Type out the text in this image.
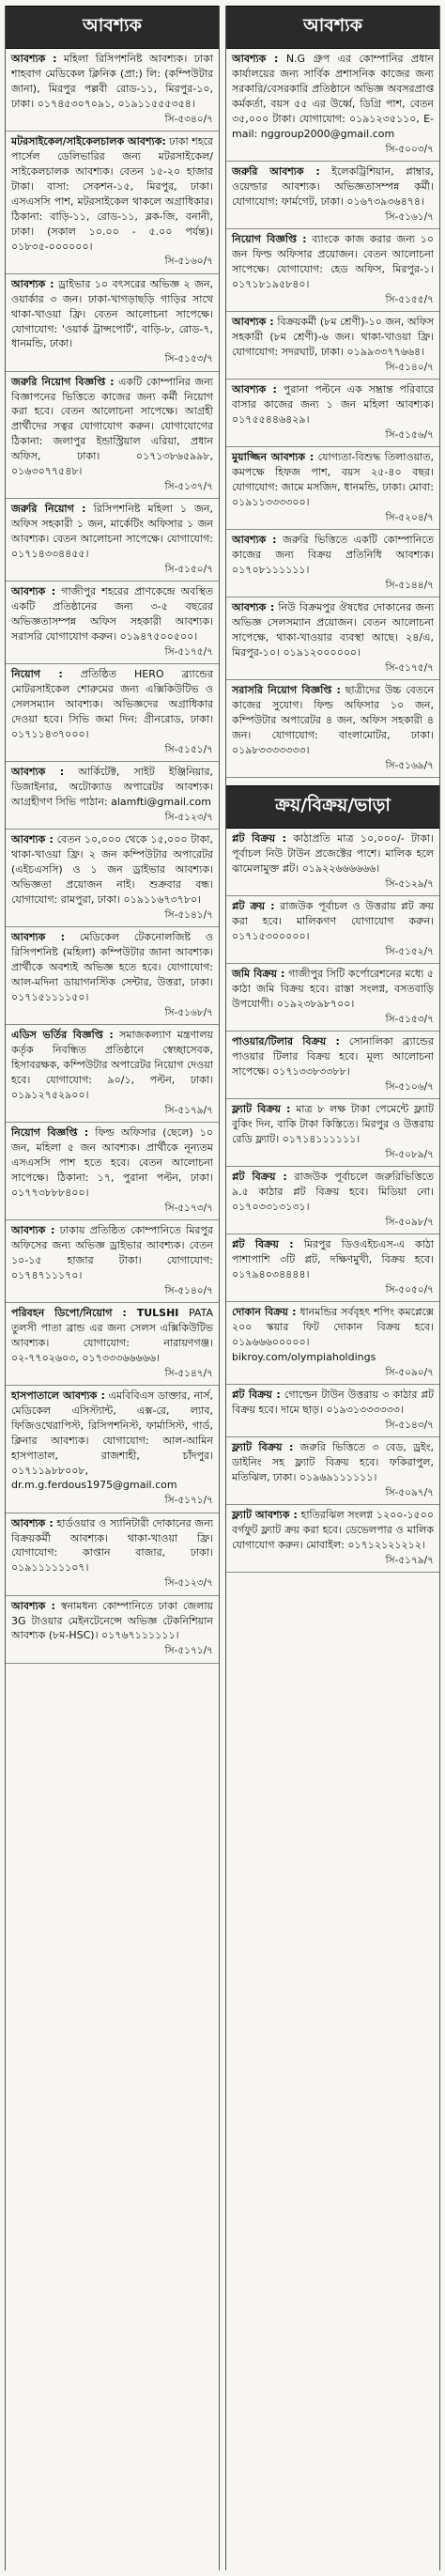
আবশ্যক
আবশ্যক : মহিলা রিসিপশনিষ্ট আবশ্যক। ঢাকা শাহবাগ মেডিকেল ক্লিনিক (প্রা:) লি: (কম্পিউটার জানা), মিরপুর পল্লবী রোড-১১, মিরপুর-১০, ঢাকা। ০১৭৪৫৩০৭০৯১, ০১৯১১৫৫৫৩৫৪।
সি-৫৩৪০/৭
মটরসাইকেল/সাইকেলচালক আবশ্যক: ঢাকা শহরে পার্সেল ডেলিভারির জন্য মটরসাইকেল/সাইকেলচালক আবশ্যক। বেতন ১৫-২০ হাজার টাকা। বাসা: সেকশন-১৫, মিরপুর, ঢাকা। এসএসসি পাশ, মটরসাইকেল থাকলে অগ্রাধিকার। ঠিকানা: বাড়ি-১১, রোড-১১, ব্লক-জি, বনানী, ঢাকা। (সকাল ১০.০০ - ৫.০০ পর্যন্ত)। ০১৮৩৫-০০০০০০।
সি-৫১৬০/৭
আবশ্যক : ড্রাইভার ১০ বৎসরের অভিজ্ঞ ২ জন, ওয়ার্কার ৩ জন। ঢাকা-খাগড়াছড়ি গাড়ির সাথে থাকা-খাওয়া ফ্রি। বেতন আলোচনা সাপেক্ষে। যোগাযোগ: 'ওয়ার্ক ট্রান্সপোর্ট', বাড়ি-৮, রোড-৭, ধানমন্ডি, ঢাকা।
সি-৫১৫৩/৭
জরুরি নিয়োগ বিজ্ঞপ্তি : একটি কোম্পানির জন্য বিজ্ঞাপনের ভিত্তিতে কাজের জন্য কর্মী নিয়োগ করা হবে। বেতন আলোচনা সাপেক্ষে। আগ্রহী প্রার্থীদের সত্বর যোগাযোগ করুন। যোগাযোগের ঠিকানা: জলাপুর ইন্ডাস্ট্রিয়াল এরিয়া, প্রধান অফিস, ঢাকা। ০১৭১৩৮৬৫৯৯৮, ০১৬৩০৭৭৫৪৮।
সি-৫১৩৭/৭
জরুরি নিয়োগ : রিসিপশনিষ্ট মহিলা ১ জন, অফিস সহকারী ১ জন, মার্কেটিং অফিসার ১ জন আবশ্যক। বেতন আলোচনা সাপেক্ষে। যোগাযোগ: ০১৭১৪৩৩৪৪৫৫।
সি-৫১৫০/৭
আবশ্যক : গাজীপুর শহরের প্রাণকেন্দ্রে অবস্থিত একটি প্রতিষ্ঠানের জন্য ৩-৫ বছরের অভিজ্ঞতাসম্পন্ন অফিস সহকারী আবশ্যক। সরাসরি যোগাযোগ করুন। ০১৯৪৭৫০০৫০০।
সি-৫১৭৫/৭
নিয়োগ : প্রতিষ্ঠিত HERO ব্র্যান্ডের মোটরসাইকেল শোরুমের জন্য এক্সিকিউটিভ ও সেলসম্যান আবশ্যক। অভিজ্ঞদের অগ্রাধিকার দেওয়া হবে। সিভি জমা দিন: গ্রীনরোড, ঢাকা। ০১৭১১৪৩৭০০০।
সি-৫১৫১/৭
আবশ্যক : আর্কিটেক্ট, সাইট ইঞ্জিনিয়ার, ডিজাইনার, অটোক্যাড অপারেটর আবশ্যক। আগ্রহীগণ সিভি পাঠান: alamfti@gmail.com
সি-৫১২৩/৭
আবশ্যক : বেতন ১০,০০০ থেকে ১৫,০০০ টাকা, থাকা-খাওয়া ফ্রি। ২ জন কম্পিউটার অপারেটর (এইচএসসি) ও ১ জন ড্রাইভার আবশ্যক। অভিজ্ঞতা প্রয়োজন নাই। শুক্রবার বন্ধ। যোগাযোগ: রামপুরা, ঢাকা। ০১৯১১৬৭৩৭৮০।
সি-৫১৪১/৭
আবশ্যক : মেডিকেল টেকনোলজিষ্ট ও রিসিপশনিষ্ট (মহিলা) কম্পিউটার জানা আবশ্যক। প্রার্থীকে অবশ্যই অভিজ্ঞ হতে হবে। যোগাযোগ: আল-মদিনা ডায়াগনস্টিক সেন্টার, উত্তরা, ঢাকা। ০১৭১৫১১১১৫০।
সি-৫১৬৮/৭
এডিস ভর্তির বিজ্ঞপ্তি : সমাজকল্যাণ মন্ত্রণালয় কর্তৃক নিবন্ধিত প্রতিষ্ঠানে স্বেচ্ছাসেবক, হিসাবরক্ষক, কম্পিউটার অপারেটর নিয়োগ দেওয়া হবে। যোগাযোগ: ৯০/১, পল্টন, ঢাকা। ০১৯১২৭৫২৯০০।
সি-৫১৭৯/৭
নিয়োগ বিজ্ঞপ্তি : ফিল্ড অফিসার (ছেলে) ১০ জন, মহিলা ৫ জন আবশ্যক। প্রার্থীকে নূন্যতম এসএসসি পাশ হতে হবে। বেতন আলোচনা সাপেক্ষে। ঠিকানা: ১৭, পুরানা পল্টন, ঢাকা। ০১৭৭৩৮৮৮৪০০।
সি-৫১৭৩/৭
আবশ্যক : ঢাকায় প্রতিষ্ঠিত কোম্পানিতে মিরপুর অফিসের জন্য অভিজ্ঞ ড্রাইভার আবশ্যক। বেতন ১০-১৫ হাজার টাকা। যোগাযোগ: ০১৭৪৭১১১৭০।
সি-৫১৪০/৭
পরিবহন ডিপো/নিয়োগ : TULSHI PATA তুলসী পাতা ব্রান্ড এর জন্য সেলস এক্সিকিউটিভ আবশ্যক। যোগাযোগ: নারায়ণগঞ্জ। ০২-৭৭০২৬০৩, ০১৭৩৩৩৬৬৬৬৬।
সি-৫১৪৭/৭
হাসপাতালে আবশ্যক : এমবিবিএস ডাক্তার, নার্স, মেডিকেল এসিস্ট্যান্ট, এক্স-রে, ল্যাব, ফিজিওথেরাপিস্ট, রিসিপশনিস্ট, ফার্মাসিস্ট, গার্ড, ক্লিনার আবশ্যক। যোগাযোগ: আল-আমিন হাসপাতাল, রাজশাহী, চাঁদপুর। ০১৭১১৯৮৮০০৮, dr.m.g.ferdous1975@gmail.com
সি-৫১৭১/৭
আবশ্যক : হার্ডওয়ার ও স্যানিটারী দোকানের জন্য বিক্রয়কর্মী আবশ্যক। থাকা-খাওয়া ফ্রি। যোগাযোগ: কাপ্তান বাজার, ঢাকা। ০১৯১১১১১১০৭।
সি-৫১২৩/৭
আবশ্যক : স্বনামধন্য কোম্পানিতে ঢাকা জেলায় 3G টাওয়ার মেইনটেনেন্সে অভিজ্ঞ টেকনিশিয়ান আবশ্যক (৮ম-HSC)। ০১৭৬৭১১১১১১।
সি-৫১৭১/৭
আবশ্যক
আবশ্যক : N.G গ্রুপ এর কোম্পানির প্রধান কার্যালয়ের জন্য সার্বিক প্রশাসনিক কাজের জন্য সরকারি/বেসরকারি প্রতিষ্ঠানে অভিজ্ঞ অবসরপ্রাপ্ত কর্মকর্তা, বয়স ৫৫ এর উর্ধ্বে, ডিগ্রি পাশ, বেতন ৩৫,০০০ টাকা। যোগাযোগ: ০১৯১২৩৫১১০, E-mail: nggroup2000@gmail.com
সি-৫০০৩/৭
জরুরি আবশ্যক : ইলেকট্রিশিয়ান, প্লাম্বার, ওয়েল্ডার আবশ্যক। অভিজ্ঞতাসম্পন্ন কর্মী। যোগাযোগ: ফার্মগেট, ঢাকা। ০১৬৭৩৯৩৬৪৭৪।
সি-৫১৬১/৭
নিয়োগ বিজ্ঞপ্তি : ব্যাংকে কাজ করার জন্য ১০ জন ফিল্ড অফিসার প্রয়োজন। বেতন আলোচনা সাপেক্ষে। যোগাযোগ: হেড অফিস, মিরপুর-১। ০১৭১৮১৯৫৮৪০।
সি-৫১৫৫/৭
আবশ্যক : বিক্রয়কর্মী (৮ম শ্রেণী)-১০ জন, অফিস সহকারী (৮ম শ্রেণী)-৬ জন। থাকা-খাওয়া ফ্রি। যোগাযোগ: সদরঘাট, ঢাকা। ০১৯৯৩৩৭৭৬৬৪।
সি-৫১৪০/৭
আবশ্যক : পুরানা পল্টনে এক সম্ভ্রান্ত পরিবারে বাসার কাজের জন্য ১ জন মহিলা আবশ্যক। ০১৭৫৫৪৪৬৪২৯।
সি-৫১৫৬/৭
মুয়াজ্জিন আবশ্যক : যোগ্যতা-বিশুদ্ধ তিলাওয়াত, কমপক্ষে হিফজ পাশ, বয়স ২৫-৪০ বছর। যোগাযোগ: জামে মসজিদ, ধানমন্ডি, ঢাকা। মোবা: ০১৯১১৩৩৩৩০০।
সি-৫২০৪/৭
আবশ্যক : জরুরি ভিত্তিতে একটি কোম্পানিতে কাজের জন্য বিক্রয় প্রতিনিধি আবশ্যক। ০১৭০৮১১১১১১।
সি-৫১৪৪/৭
আবশ্যক : নিউ বিক্রমপুর ঔষধের দোকানের জন্য অভিজ্ঞ সেলসম্যান প্রয়োজন। বেতন আলোচনা সাপেক্ষে, থাকা-খাওয়ার ব্যবস্থা আছে। ২৪/এ, মিরপুর-১০। ০১৯১২০০০০০০।
সি-৫১৭৫/৭
সরাসরি নিয়োগ বিজ্ঞপ্তি : ছাত্রীদের উচ্চ বেতনে কাজের সুযোগ। ফিল্ড অফিসার ১০ জন, কম্পিউটার অপারেটর ৪ জন, অফিস সহকারী ৪ জন। যোগাযোগ: বাংলামোটর, ঢাকা। ০১৯৮৩৩৩৩৩৩৩।
সি-৫১৬৯/৭
ক্রয়/বিক্রয়/ভাড়া
প্লট বিক্রয় : কাঠাপ্রতি মাত্র ১০,০০০/- টাকা। পূর্বাচল নিউ টাউন প্রজেক্টের পাশে। মালিক হলে ঝামেলামুক্ত প্লট। ০১৯২২৬৬৬৬৬৬।
সি-৫১২৯/৭
প্লট ক্রয় : রাজউক পূর্বাচল ও উত্তরায় প্লট ক্রয় করা হবে। মালিকগণ যোগাযোগ করুন। ০১৭১৫৩০০০০০।
সি-৫১৫২/৭
জমি বিক্রয় : গাজীপুর সিটি কর্পোরেশনের মধ্যে ৫ কাঠা জমি বিক্রয় হবে। রাস্তা সংলগ্ন, বসতবাড়ি উপযোগী। ০১৯২৩৮৯৮৭০০।
সি-৫১৫৩/৭
পাওয়ার/টিলার বিক্রয় : সোনালিকা ব্র্যান্ডের পাওয়ার টিলার বিক্রয় হবে। মূল্য আলোচনা সাপেক্ষে। ০১৭১৩৩৮৩৩৮৮।
সি-৫১০৬/৭
ফ্ল্যাট বিক্রয় : মাত্র ৮ লক্ষ টাকা পেমেন্টে ফ্ল্যাট বুকিং দিন, বাকি টাকা কিস্তিতে। মিরপুর ও উত্তরায় রেডি ফ্ল্যাট। ০১৭১৪১১১১১১।
সি-৫০৮৯/৭
প্লট বিক্রয় : রাজউক পূর্বাচলে জরুরিভিত্তিতে ৯.৫ কাঠার প্লট বিক্রয় হবে। মিডিয়া নো। ০১৭০৩৩১৩১৩১।
সি-৫০৯৮/৭
প্লট বিক্রয় : মিরপুর ডিওএইচএস-এ কাঠা পাশাপাশি ৩টি প্লট, দক্ষিণমুখী, বিক্রয় হবে। ০১৭৯৪০৩৪৪৪৪।
সি-৫০৫০/৭
দোকান বিক্রয় : ধানমন্ডির সর্ববৃহৎ শপিং কমপ্লেক্সে ২০০ স্কয়ার ফিট দোকান বিক্রয় হবে। ০১৯৬৬৬০০০০০। bikroy.com/olympiaholdings
সি-৫০৯০/৭
প্লট বিক্রয় : গোল্ডেন টাউন উত্তরায় ৩ কাঠার প্লট বিক্রয় হবে। দামে ছাড়। ০১৯৩১৩৩৩৩৩৩।
সি-৫১৪৩/৭
ফ্ল্যাট বিক্রয় : জরুরি ভিত্তিতে ৩ বেড, ড্রইং, ডাইনিং সহ ফ্ল্যাট বিক্রয় হবে। ফকিরাপুল, মতিঝিল, ঢাকা। ০১৯৬৯১১১১১১।
সি-৫০৯৭/৭
ফ্ল্যাট আবশ্যক : হাতিরঝিল সংলগ্ন ১২০০-১৫০০ বর্গফুট ফ্ল্যাট ক্রয় করা হবে। ডেভেলপার ও মালিক যোগাযোগ করুন। মোবাইল: ০১৭১২১২১২১২।
সি-৫১৭৯/৭
